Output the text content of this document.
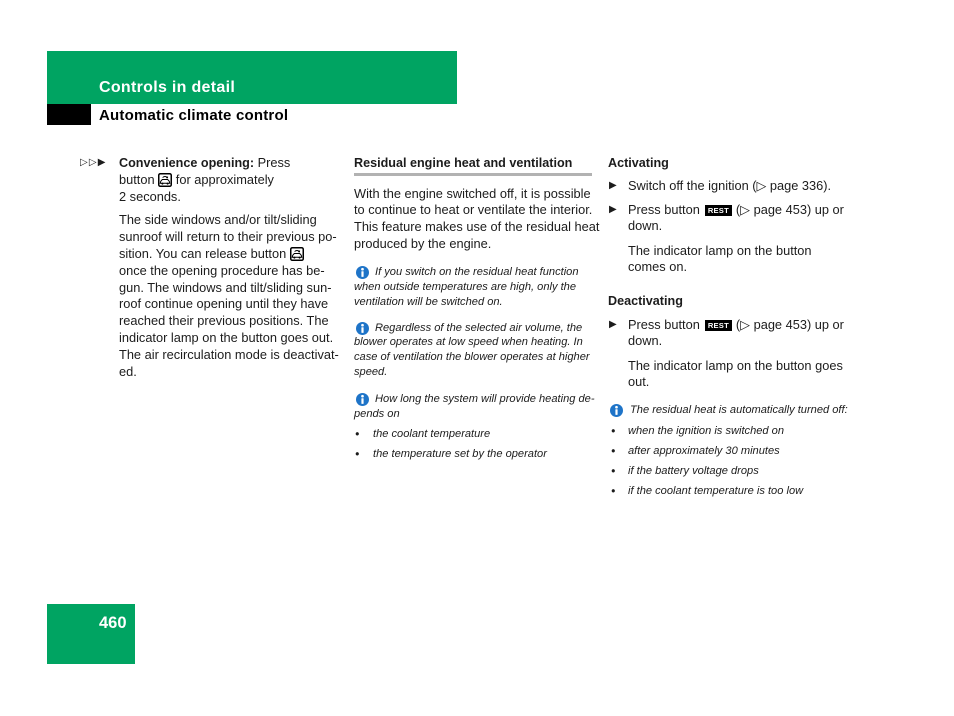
Controls in detail
Automatic climate control
▷▷▶ Convenience opening: Press
button for approximately
2 seconds.
The side windows and/or tilt/sliding
sunroof will return to their previous po-
sition. You can release button
once the opening procedure has be-
gun. The windows and tilt/sliding sun-
roof continue opening until they have
reached their previous positions. The
indicator lamp on the button goes out.
The air recirculation mode is deactivat-
ed.
Residual engine heat and ventilation
With the engine switched off, it is possible
to continue to heat or ventilate the interior.
This feature makes use of the residual heat
produced by the engine.
If you switch on the residual heat function
when outside temperatures are high, only the
ventilation will be switched on.
Regardless of the selected air volume, the
blower operates at low speed when heating. In
case of ventilation the blower operates at higher
speed.
How long the system will provide heating de-
pends on
• the coolant temperature
• the temperature set by the operator
Activating
▶ Switch off the ignition (▷ page 336).
▶ Press button REST (▷ page 453) up or
down.
The indicator lamp on the button
comes on.
Deactivating
▶ Press button REST (▷ page 453) up or
down.
The indicator lamp on the button goes
out.
The residual heat is automatically turned off:
• when the ignition is switched on
• after approximately 30 minutes
• if the battery voltage drops
• if the coolant temperature is too low
460
